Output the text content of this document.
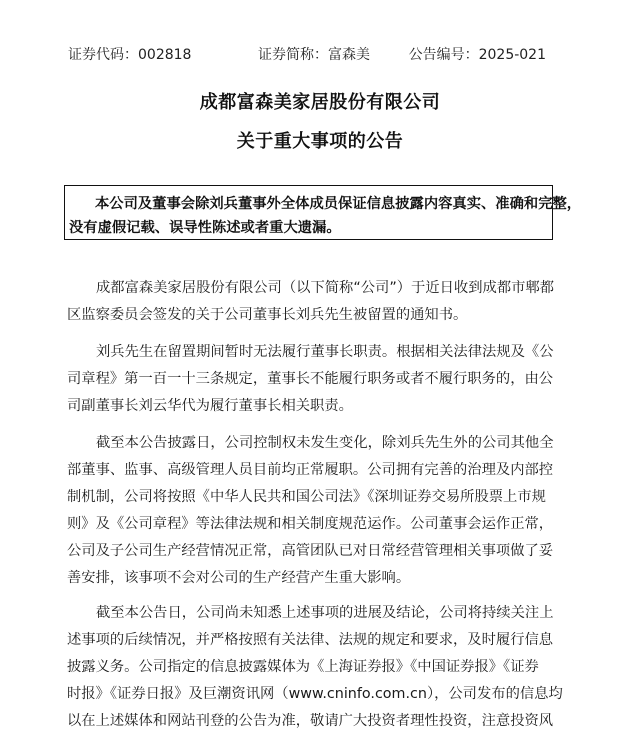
证券代码：002818	证券简称：富森美	公告编号：2025-021
成都富森美家居股份有限公司
关于重大事项的公告
本公司及董事会除刘兵董事外全体成员保证信息披露内容真实、准确和完整，
没有虚假记载、误导性陈述或者重大遗漏。
成都富森美家居股份有限公司（以下简称“公司”）于近日收到成都市郫都
区监察委员会签发的关于公司董事长刘兵先生被留置的通知书。
刘兵先生在留置期间暂时无法履行董事长职责。根据相关法律法规及《公
司章程》第一百一十三条规定，董事长不能履行职务或者不履行职务的，由公
司副董事长刘云华代为履行董事长相关职责。
截至本公告披露日，公司控制权未发生变化，除刘兵先生外的公司其他全
部董事、监事、高级管理人员目前均正常履职。公司拥有完善的治理及内部控
制机制，公司将按照《中华人民共和国公司法》《深圳证券交易所股票上市规
则》及《公司章程》等法律法规和相关制度规范运作。公司董事会运作正常，
公司及子公司生产经营情况正常，高管团队已对日常经营管理相关事项做了妥
善安排，该事项不会对公司的生产经营产生重大影响。
截至本公告日，公司尚未知悉上述事项的进展及结论，公司将持续关注上
述事项的后续情况，并严格按照有关法律、法规的规定和要求，及时履行信息
披露义务。公司指定的信息披露媒体为《上海证券报》《中国证券报》《证券
时报》《证券日报》及巨潮资讯网（www.cninfo.com.cn），公司发布的信息均
以在上述媒体和网站刊登的公告为准，敬请广大投资者理性投资，注意投资风
